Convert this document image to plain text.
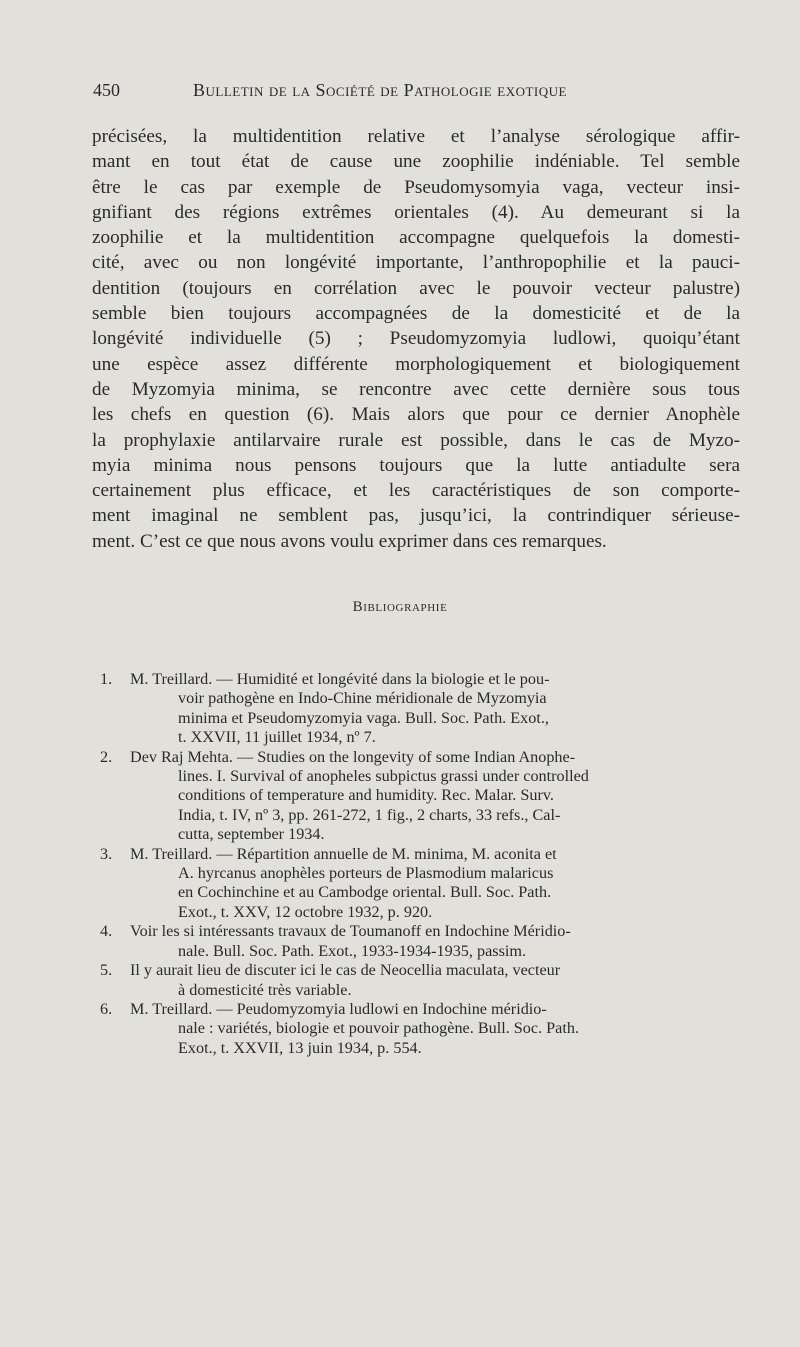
450	Bulletin de la Société de Pathologie exotique
précisées, la multidentition relative et l’analyse sérologique affir-
mant en tout état de cause une zoophilie indéniable. Tel semble
être le cas par exemple de Pseudomysomyia vaga, vecteur insi-
gnifiant des régions extrêmes orientales (4). Au demeurant si la
zoophilie et la multidentition accompagne quelquefois la domesti-
cité, avec ou non longévité importante, l’anthropophilie et la pauci-
dentition (toujours en corrélation avec le pouvoir vecteur palustre)
semble bien toujours accompagnées de la domesticité et de la
longévité individuelle (5) ; Pseudomyzomyia ludlowi, quoiqu’étant
une espèce assez différente morphologiquement et biologiquement
de Myzomyia minima, se rencontre avec cette dernière sous tous
les chefs en question (6). Mais alors que pour ce dernier Anophèle
la prophylaxie antilarvaire rurale est possible, dans le cas de Myzo-
myia minima nous pensons toujours que la lutte antiadulte sera
certainement plus efficace, et les caractéristiques de son comporte-
ment imaginal ne semblent pas, jusqu’ici, la contrindiquer sérieuse-
ment. C’est ce que nous avons voulu exprimer dans ces remarques.
Bibliographie
1. M. Treillard. — Humidité et longévité dans la biologie et le pou-
voir pathogène en Indo-Chine méridionale de Myzomyia
minima et Pseudomyzomyia vaga. Bull. Soc. Path. Exot.,
t. XXVII, 11 juillet 1934, nº 7.
2. Dev Raj Mehta. — Studies on the longevity of some Indian Anophe-
lines. I. Survival of anopheles subpictus grassi under controlled
conditions of temperature and humidity. Rec. Malar. Surv.
India, t. IV, nº 3, pp. 261-272, 1 fig., 2 charts, 33 refs., Cal-
cutta, september 1934.
3. M. Treillard. — Répartition annuelle de M. minima, M. aconita et
A. hyrcanus anophèles porteurs de Plasmodium malaricus
en Cochinchine et au Cambodge oriental. Bull. Soc. Path.
Exot., t. XXV, 12 octobre 1932, p. 920.
4. Voir les si intéressants travaux de Toumanoff en Indochine Méridio-
nale. Bull. Soc. Path. Exot., 1933-1934-1935, passim.
5. Il y aurait lieu de discuter ici le cas de Neocellia maculata, vecteur
à domesticité très variable.
6. M. Treillard. — Peudomyzomyia ludlowi en Indochine méridio-
nale : variétés, biologie et pouvoir pathogène. Bull. Soc. Path.
Exot., t. XXVII, 13 juin 1934, p. 554.
